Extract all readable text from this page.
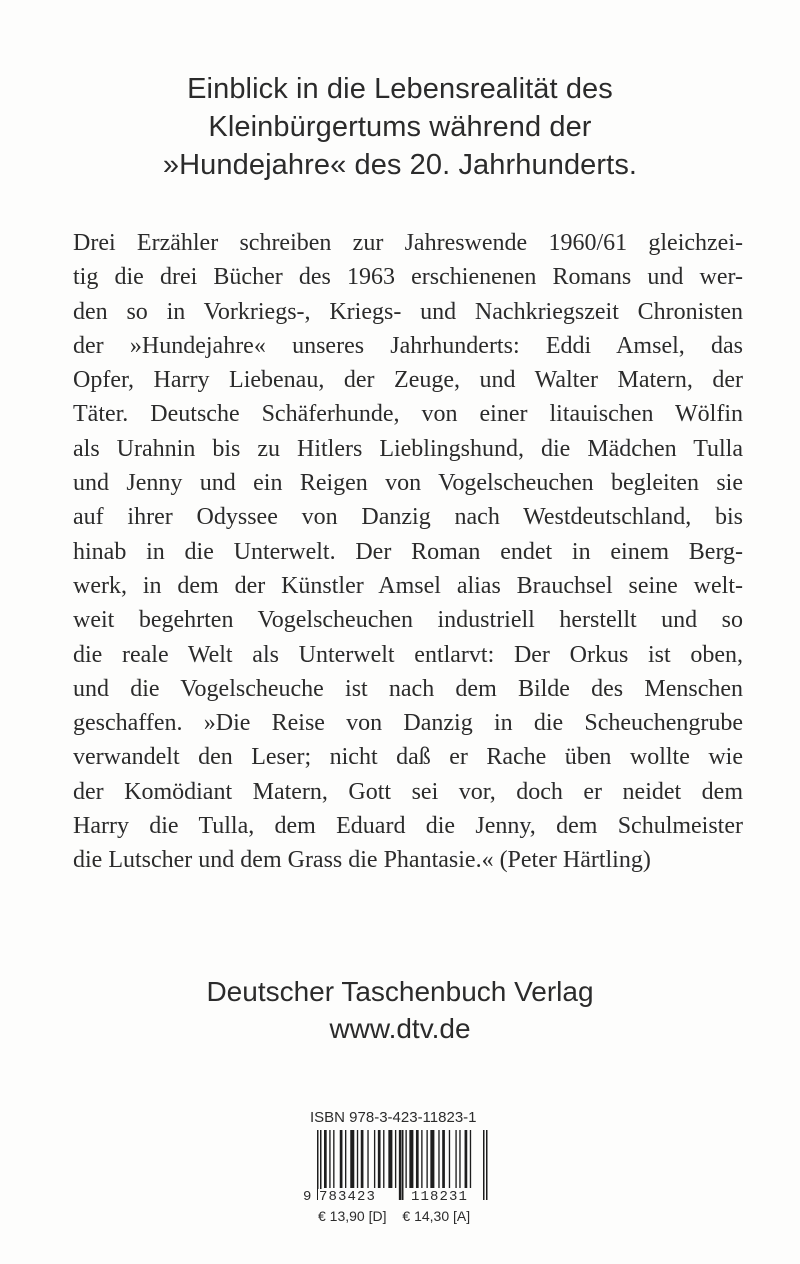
Einblick in die Lebensrealität des
Kleinbürgertums während der
»Hundejahre« des 20. Jahrhunderts.
Drei Erzähler schreiben zur Jahreswende 1960/61 gleichzei-
tig die drei Bücher des 1963 erschienenen Romans und wer-
den so in Vorkriegs-, Kriegs- und Nachkriegszeit Chronisten
der »Hundejahre« unseres Jahrhunderts: Eddi Amsel, das
Opfer, Harry Liebenau, der Zeuge, und Walter Matern, der
Täter. Deutsche Schäferhunde, von einer litauischen Wölfin
als Urahnin bis zu Hitlers Lieblingshund, die Mädchen Tulla
und Jenny und ein Reigen von Vogelscheuchen begleiten sie
auf ihrer Odyssee von Danzig nach Westdeutschland, bis
hinab in die Unterwelt. Der Roman endet in einem Berg-
werk, in dem der Künstler Amsel alias Brauchsel seine welt-
weit begehrten Vogelscheuchen industriell herstellt und so
die reale Welt als Unterwelt entlarvt: Der Orkus ist oben,
und die Vogelscheuche ist nach dem Bilde des Menschen
geschaffen. »Die Reise von Danzig in die Scheuchengrube
verwandelt den Leser; nicht daß er Rache üben wollte wie
der Komödiant Matern, Gott sei vor, doch er neidet dem
Harry die Tulla, dem Eduard die Jenny, dem Schulmeister
die Lutscher und dem Grass die Phantasie.« (Peter Härtling)
Deutscher Taschenbuch Verlag
www.dtv.de
ISBN 978-3-423-11823-1
9 783423 118231
€ 13,90 [D] € 14,30 [A]
